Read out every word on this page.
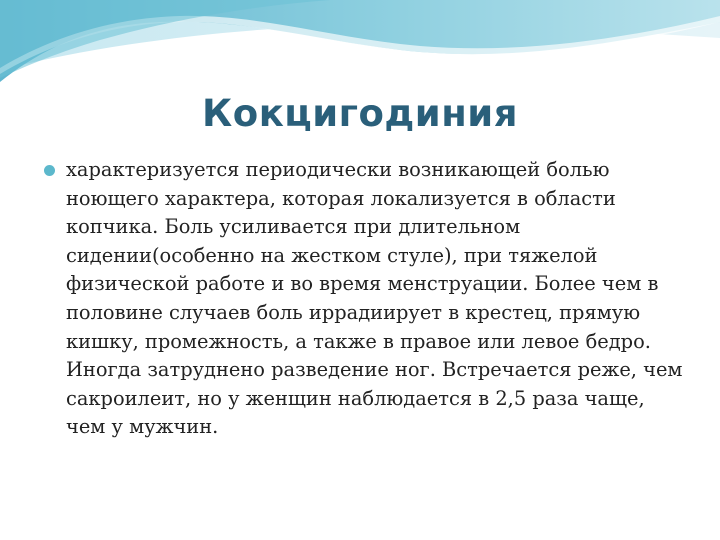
Кокцигодиния

характеризуется периодически возникающей болью ноющего характера, которая локализуется в области копчика. Боль усиливается при длительном сидении(особенно на жестком стуле), при тяжелой физической работе и во время менструации. Более чем в половине случаев боль иррадиирует в крестец, прямую кишку, промежность, а также в правое или левое бедро. Иногда затруднено разведение ног. Встречается реже, чем сакроилеит, но у женщин наблюдается в 2,5 раза чаще, чем у мужчин.
